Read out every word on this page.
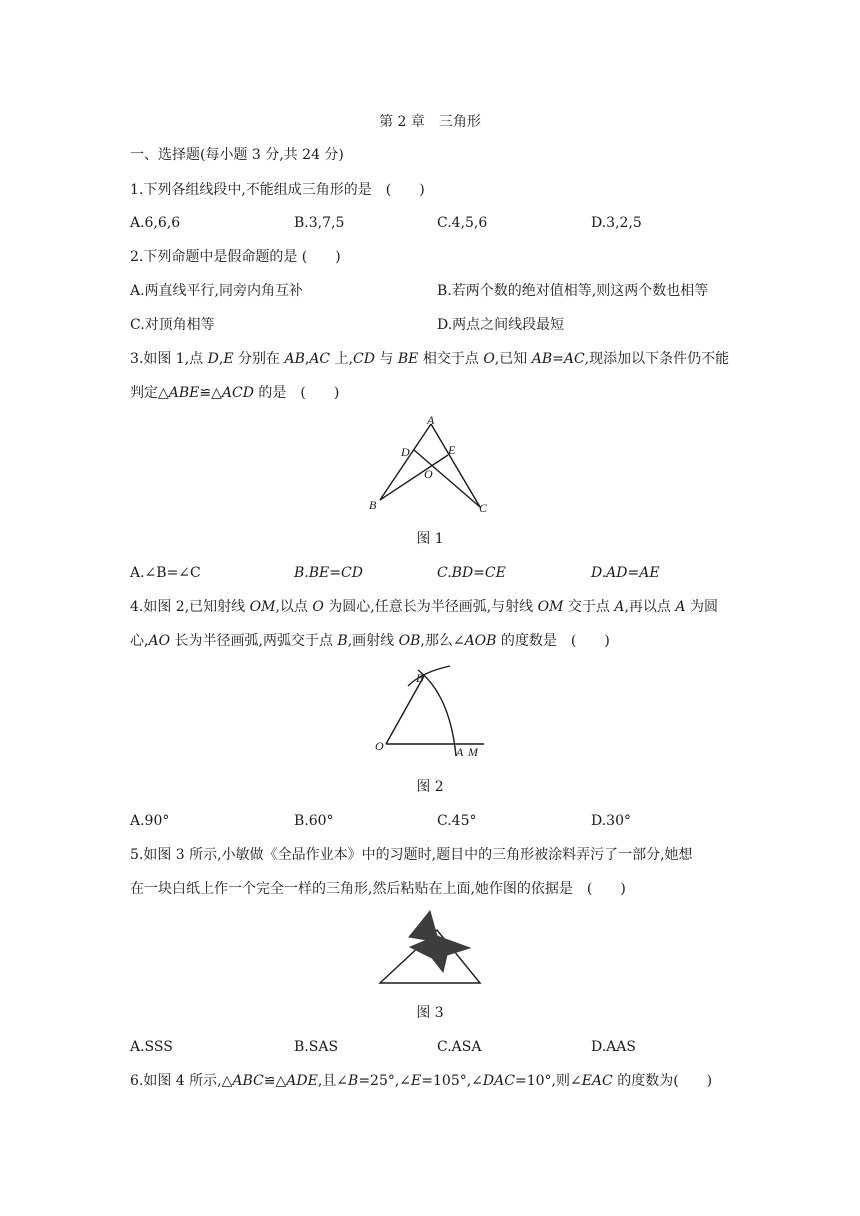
第 2 章　三角形
一、选择题(每小题 3 分,共 24 分)
1.下列各组线段中,不能组成三角形的是　(　　)
A.6,6,6	B.3,7,5	C.4,5,6	D.3,2,5
2.下列命题中是假命题的是 (　　)
A.两直线平行,同旁内角互补	B.若两个数的绝对值相等,则这两个数也相等
C.对顶角相等	D.两点之间线段最短
3.如图 1,点 D,E 分别在 AB,AC 上,CD 与 BE 相交于点 O,已知 AB=AC,现添加以下条件仍不能
判定△ABE≌△ACD 的是　(　　)
A
B	C
D	E
O
图 1
A.∠B=∠C	B.BE=CD	C.BD=CE	D.AD=AE
4.如图 2,已知射线 OM,以点 O 为圆心,任意长为半径画弧,与射线 OM 交于点 A,再以点 A 为圆
心,AO 长为半径画弧,两弧交于点 B,画射线 OB,那么∠AOB 的度数是　(　　)
O	A M
B
图 2
A.90°	B.60°	C.45°	D.30°
5.如图 3 所示,小敏做《全品作业本》中的习题时,题目中的三角形被涂料弄污了一部分,她想
在一块白纸上作一个完全一样的三角形,然后粘贴在上面,她作图的依据是　(　　)
图 3
A.SSS	B.SAS	C.ASA	D.AAS
6.如图 4 所示,△ABC≌△ADE,且∠B=25°,∠E=105°,∠DAC=10°,则∠EAC 的度数为(　　)
